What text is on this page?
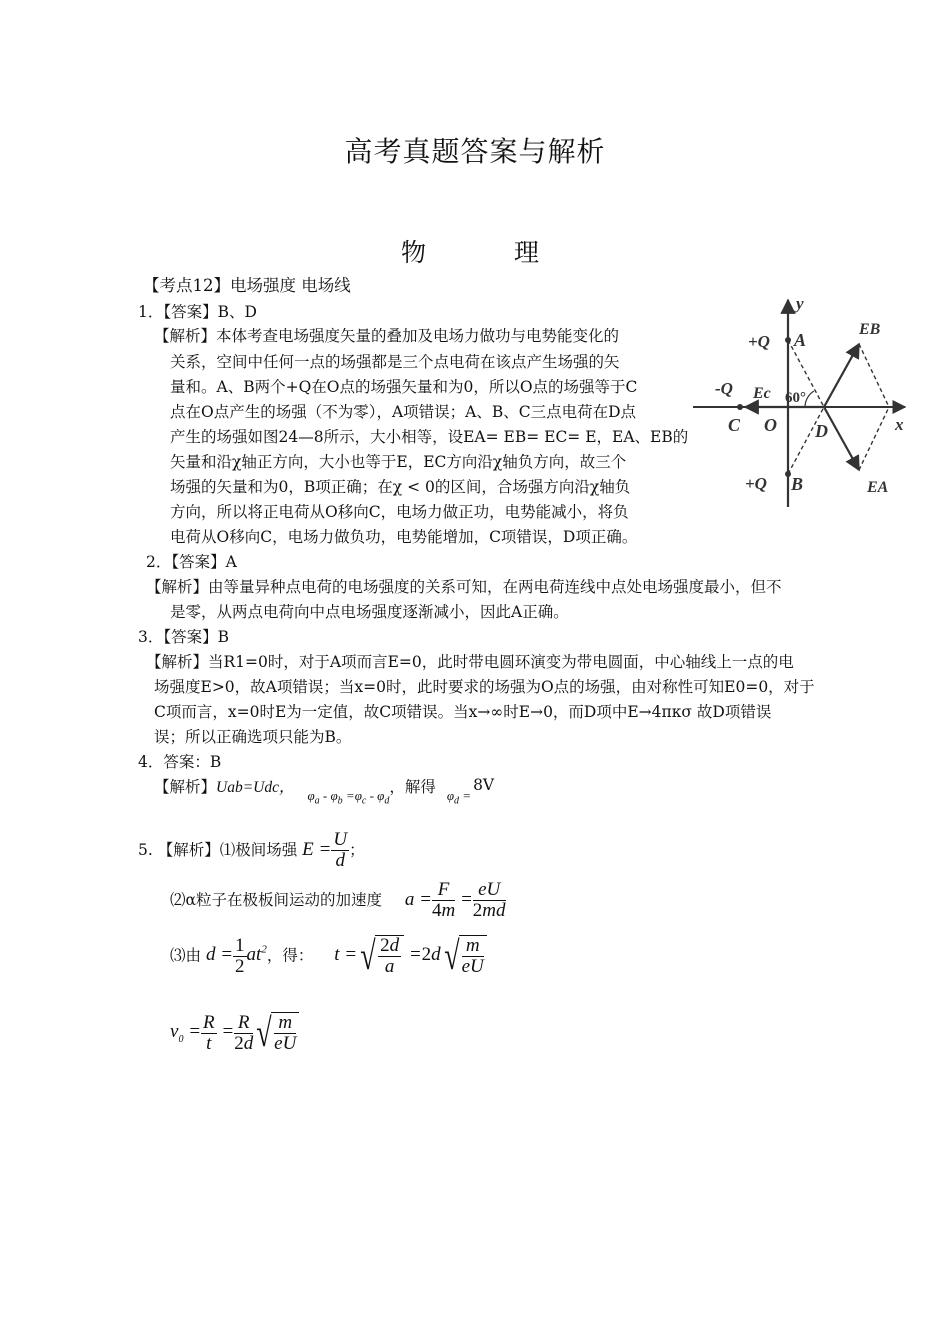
高考真题答案与解析
物 理
【考点12】电场强度 电场线
1．【答案】B、D
【解析】本体考查电场强度矢量的叠加及电场力做功与电势能变化的
关系，空间中任何一点的场强都是三个点电荷在该点产生场强的矢
量和。A、B两个+Q在O点的场强矢量和为0，所以O点的场强等于C
点在O点产生的场强（不为零），A项错误；A、B、C三点电荷在D点
产生的场强如图24—8所示，大小相等，设EA= EB= EC= E，EA、EB的
矢量和沿χ轴正方向，大小也等于E，EC方向沿χ轴负方向，故三个
场强的矢量和为0，B项正确；在χ < 0的区间，合场强方向沿χ轴负
方向，所以将正电荷从O移向C，电场力做正功，电势能减小，将负
电荷从O移向C，电场力做负功，电势能增加，C项错误，D项正确。
y
x
+Q A
+Q B
-Q
C O D
60°
EB
EA
Ec
2．【答案】A
【解析】由等量异种点电荷的电场强度的关系可知，在两电荷连线中点处电场强度最小，但不
是零，从两点电荷向中点电场强度逐渐减小，因此A正确。
3．【答案】B
【解析】当R1=0时，对于A项而言E=0，此时带电圆环演变为带电圆面，中心轴线上一点的电
场强度E>0，故A项错误；当x=0时，此时要求的场强为O点的场强，由对称性可知E0=0，对于
C项而言，x=0时E为一定值，故C项错误。当x→∞时E→0，而D项中E→4πκσ 故D项错误
误；所以正确选项只能为B。
4．答案：B
【解析】Uab=Udc， $_{\varphi_a - \varphi_b =\varphi_c - \varphi_d}$，解得 $_{\varphi_d =}$8V
5. 【解析】⑴极间场强 $E = \frac{U}{d}$ ；
⑵α粒子在极板间运动的加速度 $a = \frac{F}{4m} = \frac{eU}{2md}$
⑶由 $d = \frac{1}{2} at^2$，得： t =√ $\frac{2d}{a} =2d√ \frac{m}{eU}$
$v_0 = \frac{R}{t} = \frac{R}{2d}$ √ $\frac{m}{eU}$
